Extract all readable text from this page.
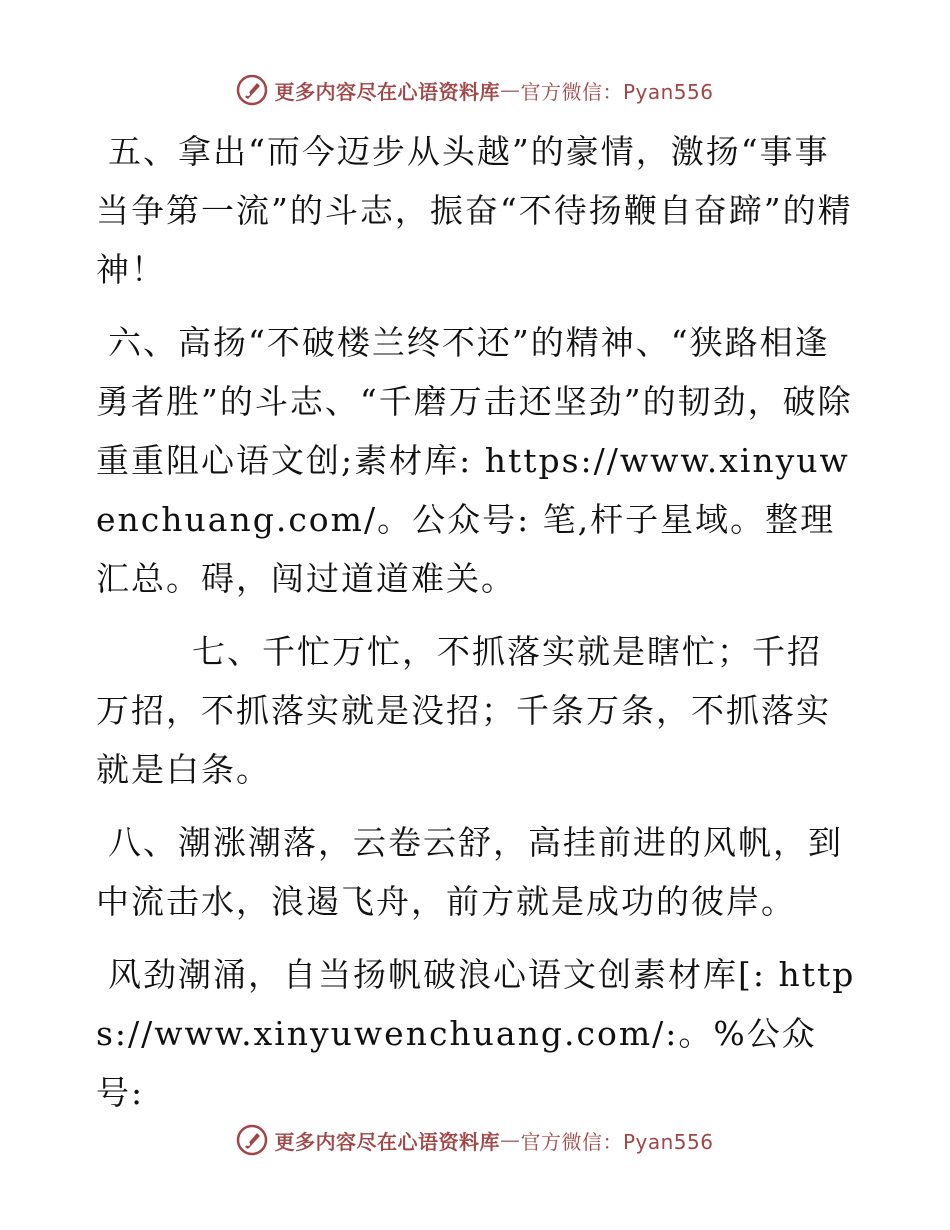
更多内容尽在心语资料库 — 官方微信：Pyan556

五、拿出“而今迈步从头越”的豪情，激扬“事事当争第一流”的斗志，振奋“不待扬鞭自奋蹄”的精神！

六、高扬“不破楼兰终不还”的精神、“狭路相逢勇者胜”的斗志、“千磨万击还坚劲”的韧劲，破除重重阻心语文创;素材库: https://www.xinyuwenchuang.com/。公众号: 笔,杆子星域。整理汇总。碍，闯过道道难关。

七、千忙万忙，不抓落实就是瞎忙；千招万招，不抓落实就是没招；千条万条，不抓落实就是白条。

八、潮涨潮落，云卷云舒，高挂前进的风帆，到中流击水，浪遏飞舟，前方就是成功的彼岸。

风劲潮涌，自当扬帆破浪心语文创素材库[: https://www.xinyuwenchuang.com/:。%公众号:

更多内容尽在心语资料库 — 官方微信：Pyan556
